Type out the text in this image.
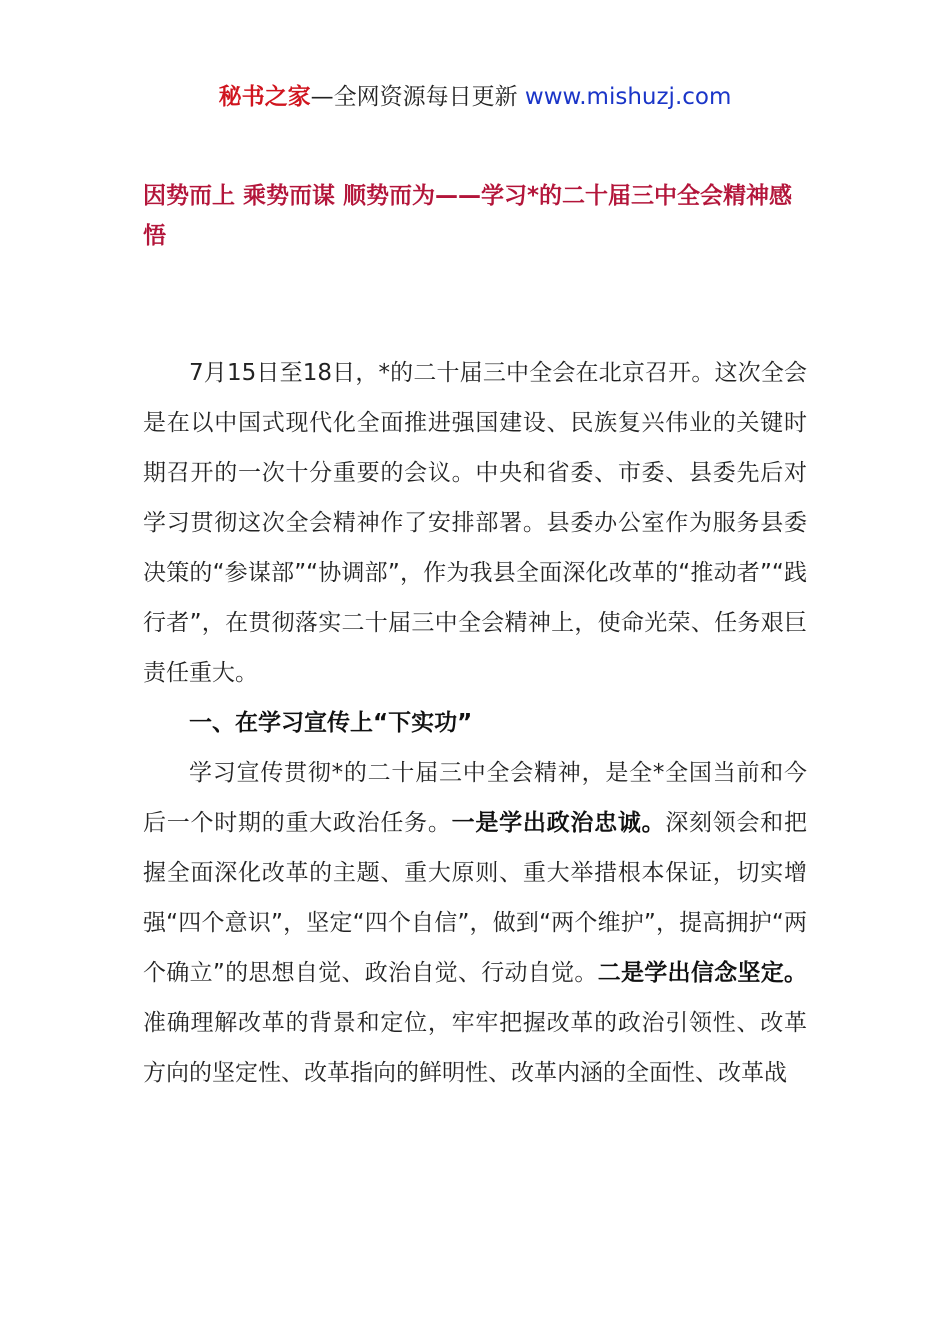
秘书之家—全网资源每日更新 www.mishuzj.com
因势而上 乘势而谋 顺势而为——学习*的二十届三中全会精神感悟

7月15日至18日，*的二十届三中全会在北京召开。这次全会是在以中国式现代化全面推进强国建设、民族复兴伟业的关键时期召开的一次十分重要的会议。中央和省委、市委、县委先后对学习贯彻这次全会精神作了安排部署。县委办公室作为服务县委决策的“参谋部”“协调部”，作为我县全面深化改革的“推动者”“践行者”，在贯彻落实二十届三中全会精神上，使命光荣、任务艰巨责任重大。

一、在学习宣传上“下实功”

学习宣传贯彻*的二十届三中全会精神，是全*全国当前和今后一个时期的重大政治任务。一是学出政治忠诚。深刻领会和把握全面深化改革的主题、重大原则、重大举措根本保证，切实增强“四个意识”，坚定“四个自信”，做到“两个维护”，提高拥护“两个确立”的思想自觉、政治自觉、行动自觉。二是学出信念坚定。准确理解改革的背景和定位，牢牢把握改革的政治引领性、改革方向的坚定性、改革指向的鲜明性、改革内涵的全面性、改革战
